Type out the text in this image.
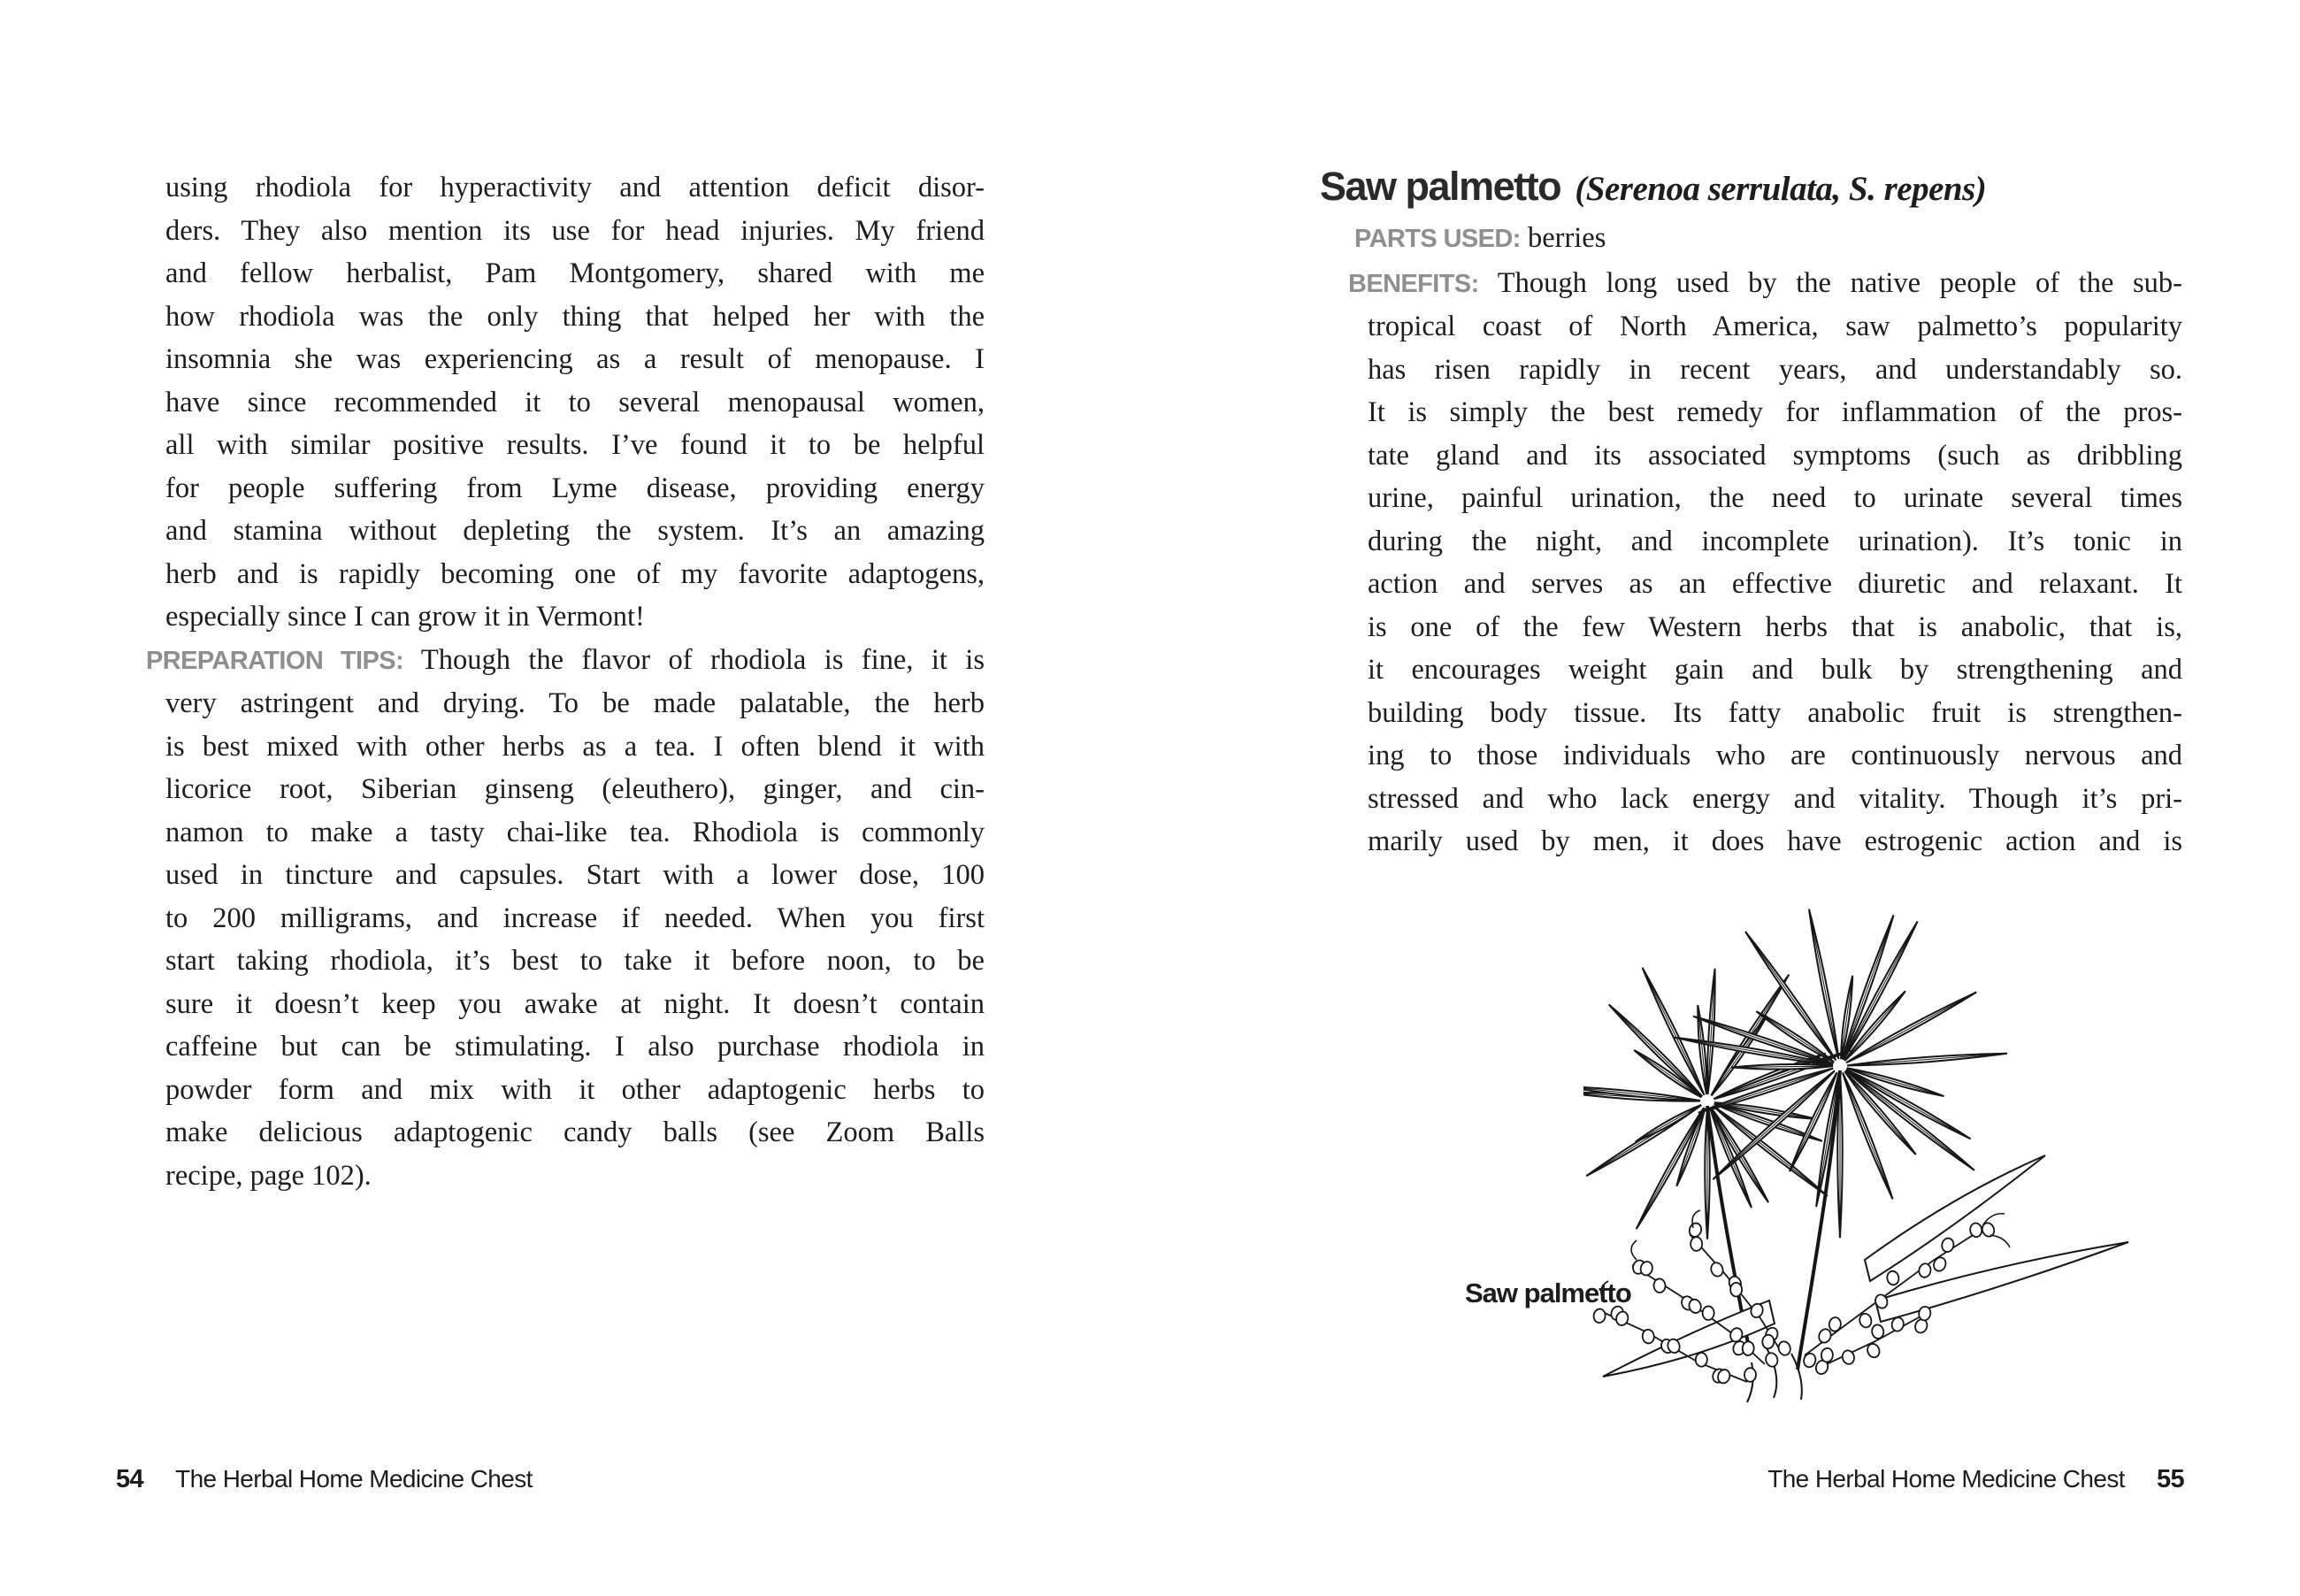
using rhodiola for hyperactivity and attention deficit disor-
ders. They also mention its use for head injuries. My friend
and fellow herbalist, Pam Montgomery, shared with me
how rhodiola was the only thing that helped her with the
insomnia she was experiencing as a result of menopause. I
have since recommended it to several menopausal women,
all with similar positive results. I’ve found it to be helpful
for people suffering from Lyme disease, providing energy
and stamina without depleting the system. It’s an amazing
herb and is rapidly becoming one of my favorite adaptogens,
especially since I can grow it in Vermont!

PREPARATION TIPS: Though the flavor of rhodiola is fine, it is
very astringent and drying. To be made palatable, the herb
is best mixed with other herbs as a tea. I often blend it with
licorice root, Siberian ginseng (eleuthero), ginger, and cin-
namon to make a tasty chai-like tea. Rhodiola is commonly
used in tincture and capsules. Start with a lower dose, 100
to 200 milligrams, and increase if needed. When you first
start taking rhodiola, it’s best to take it before noon, to be
sure it doesn’t keep you awake at night. It doesn’t contain
caffeine but can be stimulating. I also purchase rhodiola in
powder form and mix with it other adaptogenic herbs to
make delicious adaptogenic candy balls (see Zoom Balls
recipe, page 102).

54 The Herbal Home Medicine Chest
Saw palmetto (Serenoa serrulata, S. repens)
PARTS USED: berries

BENEFITS: Though long used by the native people of the sub-
tropical coast of North America, saw palmetto’s popularity
has risen rapidly in recent years, and understandably so.
It is simply the best remedy for inflammation of the pros-
tate gland and its associated symptoms (such as dribbling
urine, painful urination, the need to urinate several times
during the night, and incomplete urination). It’s tonic in
action and serves as an effective diuretic and relaxant. It
is one of the few Western herbs that is anabolic, that is,
it encourages weight gain and bulk by strengthening and
building body tissue. Its fatty anabolic fruit is strengthen-
ing to those individuals who are continuously nervous and
stressed and who lack energy and vitality. Though it’s pri-
marily used by men, it does have estrogenic action and is

Saw palmetto
The Herbal Home Medicine Chest 55
